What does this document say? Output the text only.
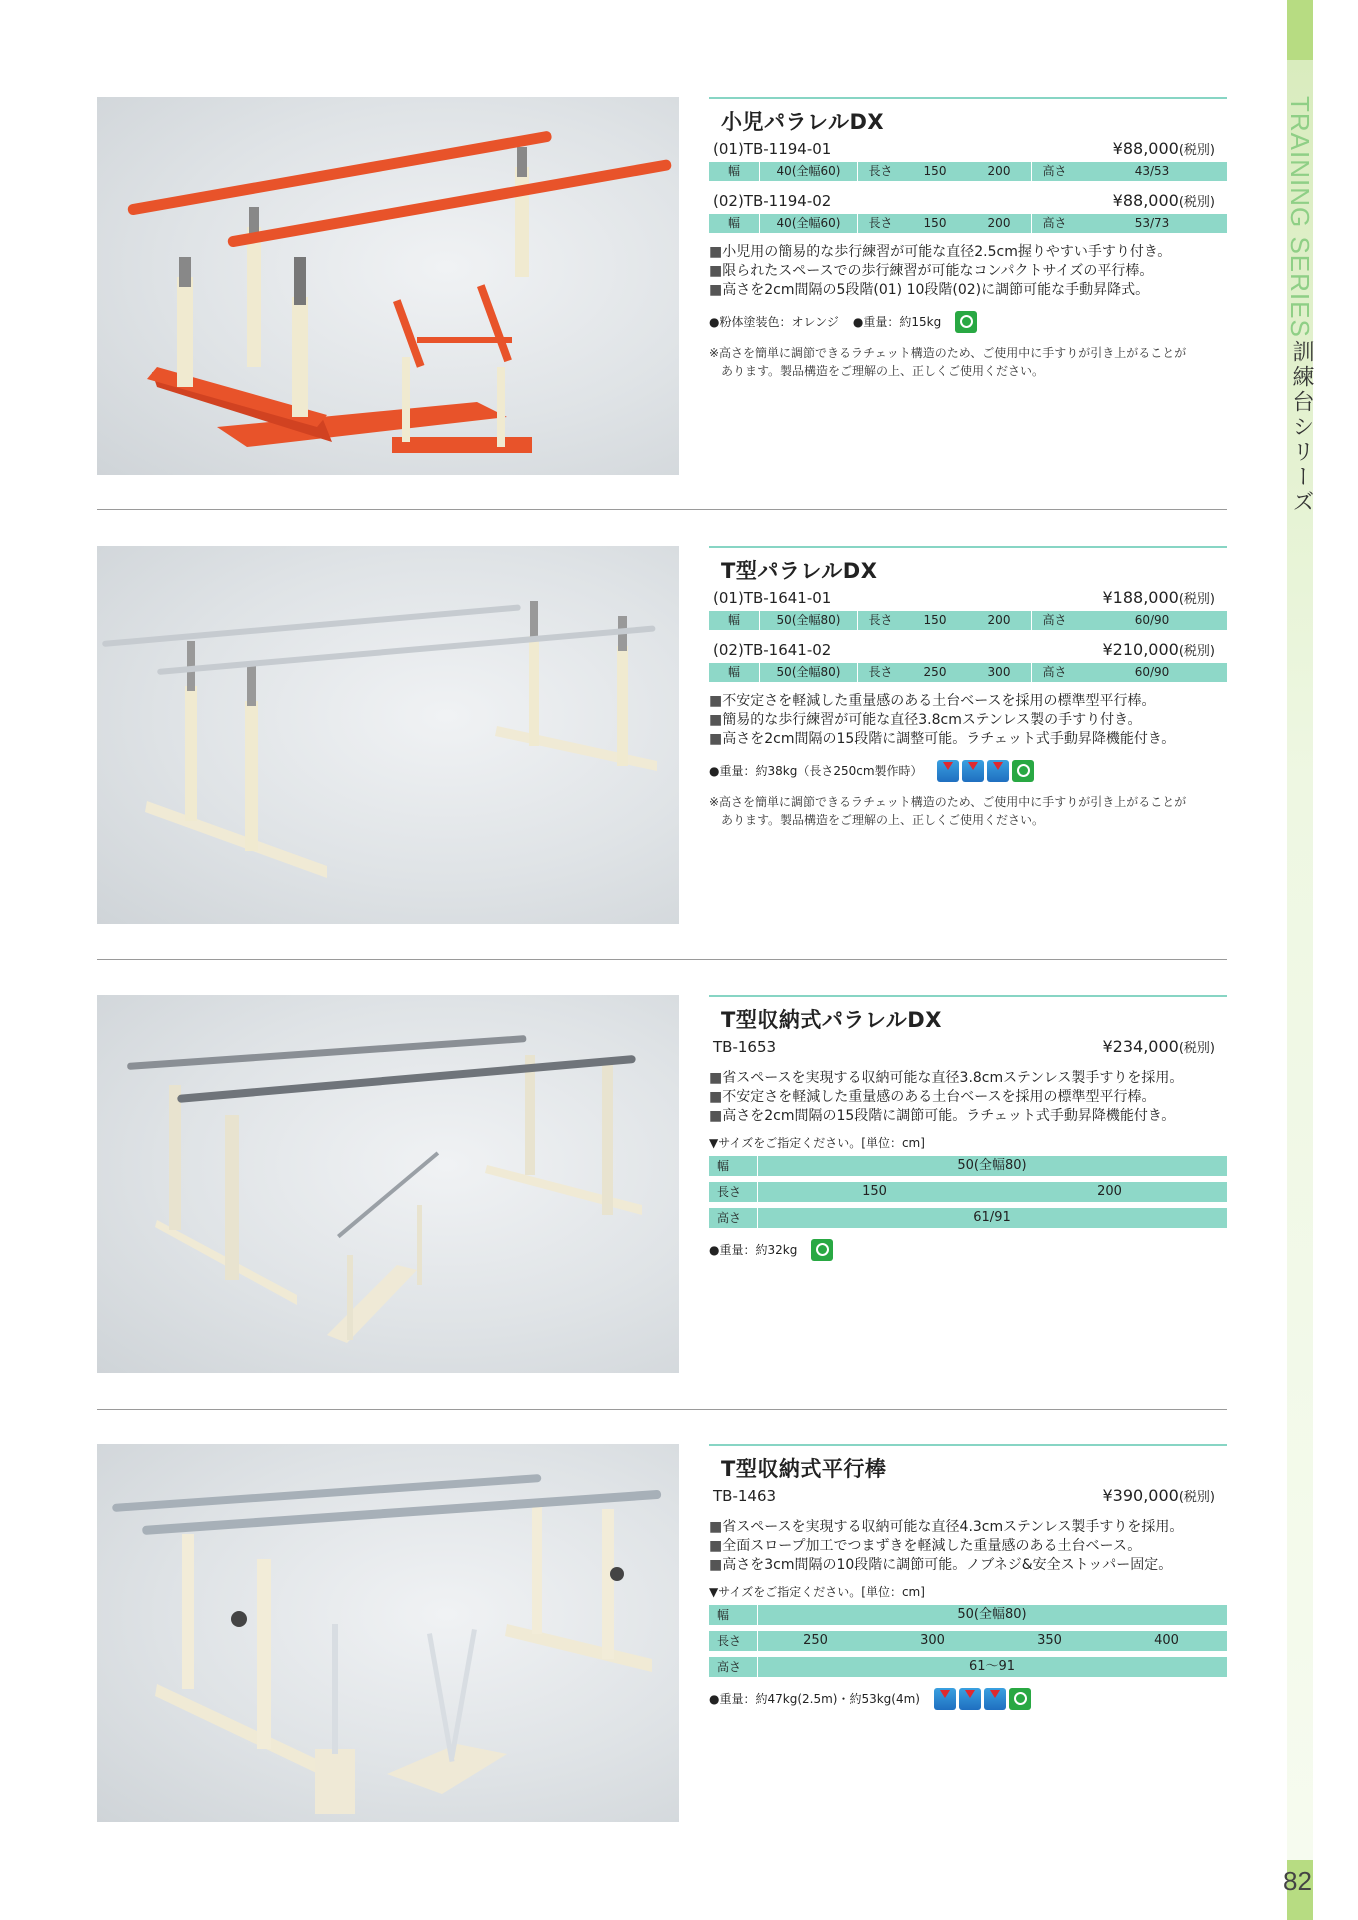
TRAINING SERIES
訓練台シリーズ
82
小児パラレルDX
(01)TB-1194-01	¥88,000(税別)
幅	40(全幅60)	長さ	150	200	高さ	43/53
(02)TB-1194-02	¥88,000(税別)
幅	40(全幅60)	長さ	150	200	高さ	53/73
■ 小児用の簡易的な歩行練習が可能な直径2.5cm握りやすい手すり付き。
■ 限られたスペースでの歩行練習が可能なコンパクトサイズの平行棒。
■ 高さを2cm間隔の5段階(01) 10段階(02)に調節可能な手動昇降式。
● 粉体塗装色：オレンジ
●	重量：約15kg
※高さを簡単に調節できるラチェット構造のため、ご使用中に手すりが引き上がることが
あります。製品構造をご理解の上、正しくご使用ください。
T型パラレルDX
(01)TB-1641-01	¥188,000(税別)
幅	50(全幅80)	長さ	150	200	高さ	60/90
(02)TB-1641-02	¥210,000(税別)
幅	50(全幅80)	長さ	250	300	高さ	60/90
■ 不安定さを軽減した重量感のある土台ベースを採用の標準型平行棒。
■ 簡易的な歩行練習が可能な直径3.8cmステンレス製の手すり付き。
■ 高さを2cm間隔の15段階に調整可能。ラチェット式手動昇降機能付き。
● 重量：約38kg（長さ250cm製作時）
※高さを簡単に調節できるラチェット構造のため、ご使用中に手すりが引き上がることが
あります。製品構造をご理解の上、正しくご使用ください。
T型収納式パラレルDX
TB-1653	¥234,000(税別)
■ 省スペースを実現する収納可能な直径3.8cmステンレス製手すりを採用。
■ 不安定さを軽減した重量感のある土台ベースを採用の標準型平行棒。
■ 高さを2cm間隔の15段階に調節可能。ラチェット式手動昇降機能付き。
▼サイズをご指定ください。[単位：cm]
幅	50(全幅80)
長さ	150	200
高さ	61/91
● 重量：約32kg
T型収納式平行棒
TB-1463	¥390,000(税別)
■ 省スペースを実現する収納可能な直径4.3cmステンレス製手すりを採用。
■ 全面スロープ加工でつまずきを軽減した重量感のある土台ベース。
■ 高さを3cm間隔の10段階に調節可能。ノブネジ&安全ストッパー固定。
▼サイズをご指定ください。[単位：cm]
幅	50(全幅80)
長さ	250	300	350	400
高さ	61～91
● 重量：約47kg(2.5m)・約53kg(4m)
